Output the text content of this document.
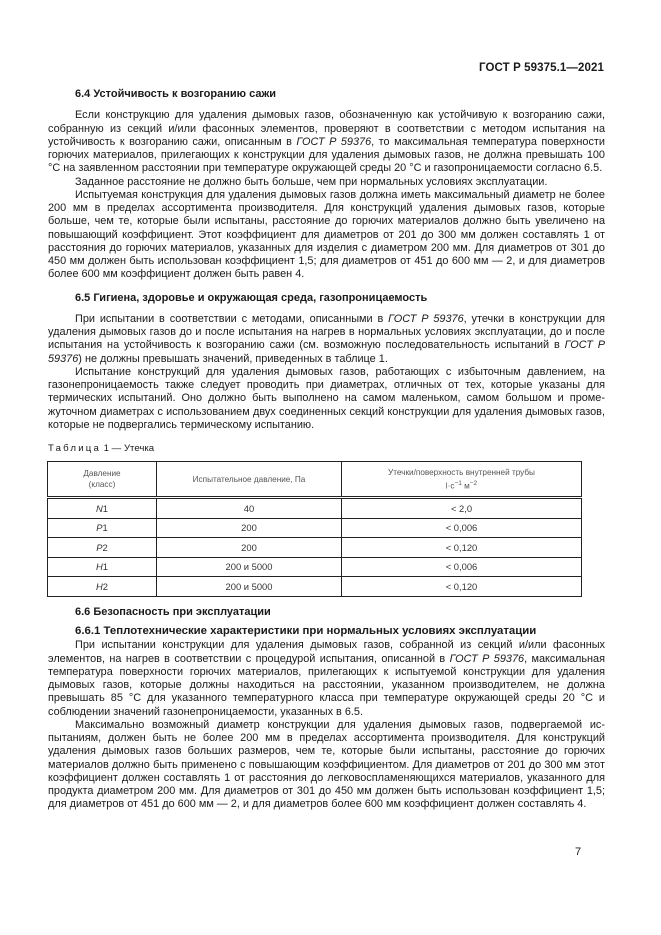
ГОСТ Р 59375.1—2021
6.4 Устойчивость к возгоранию сажи

Если конструкцию для удаления дымовых газов, обозначенную как устойчивую к возгоранию сажи, собранную из секций и/или фасонных элементов, проверяют в соответствии с методом испытания на устойчивость к возгоранию сажи, описанным в ГОСТ Р 59376, то максимальная температура поверхности горючих материалов, прилегающих к конструкции для удаления дымовых газов, не должна превышать 100 °С на заявленном расстоянии при температуре окружающей среды 20 °С и газопроницаемости согласно 6.5.

Заданное расстояние не должно быть больше, чем при нормальных условиях эксплуатации.

Испытуемая конструкция для удаления дымовых газов должна иметь максимальный диаметр не более 200 мм в пределах ассортимента производителя. Для конструкций удаления дымовых газов, которые больше, чем те, которые были испытаны, расстояние до горючих материалов должно быть увеличено на повышающий коэффициент. Этот коэффициент для диаметров от 201 до 300 мм должен составлять 1 от расстояния до горючих материалов, указанных для изделия с диаметром 200 мм. Для диаметров от 301 до 450 мм должен быть использован коэффициент 1,5; для диаметров от 451 до 600 мм — 2, и для диаметров более 600 мм коэффициент должен быть равен 4.

6.5 Гигиена, здоровье и окружающая среда, газопроницаемость

При испытании в соответствии с методами, описанными в ГОСТ Р 59376, утечки в конструкции для удаления дымовых газов до и после испытания на нагрев в нормальных условиях эксплуатации, до и после испытания на устойчивость к возгоранию сажи (см. возможную последовательность испытаний в ГОСТ Р 59376) не должны превышать значений, приведенных в таблице 1.

Испытание конструкций для удаления дымовых газов, работающих с избыточным давлением, на газонепроницаемость также следует проводить при диаметрах, отличных от тех, которые указаны для термических испытаний. Оно должно быть выполнено на самом маленьком, самом большом и промежуточном диаметрах с использованием двух соединенных секций конструкции для удаления дымовых газов, которые не подвергались термическому испытанию.

Таблица 1 — Утечка
Давление
(класс)	Испытательное давление, Па	Утечки/поверхность внутренней трубы
$l\cdot c^{-1}$ $м^{-2}$
N1	40	< 2,0
P1	200	< 0,006
P2	200	< 0,120
H1	200 и 5000	< 0,006
H2	200 и 5000	< 0,120
6.6 Безопасность при эксплуатации
6.6.1 Теплотехнические характеристики при нормальных условиях эксплуатации

При испытании конструкции для удаления дымовых газов, собранной из секций и/или фасонных элементов, на нагрев в соответствии с процедурой испытания, описанной в ГОСТ Р 59376, максимальная температура поверхности горючих материалов, прилегающих к испытуемой конструкции для удаления дымовых газов, которые должны находиться на расстоянии, указанном производителем, не должна превышать 85 °С для указанного температурного класса при температуре окружающей среды 20 °С и соблюдении значений газонепроницаемости, указанных в 6.5.

Максимально возможный диаметр конструкции для удаления дымовых газов, подвергаемой испытаниям, должен быть не более 200 мм в пределах ассортимента производителя. Для конструкций удаления дымовых газов больших размеров, чем те, которые были испытаны, расстояние до горючих материалов должно быть применено с повышающим коэффициентом. Для диаметров от 201 до 300 мм этот коэффициент должен составлять 1 от расстояния до легковоспламеняющихся материалов, указанного для продукта диаметром 200 мм. Для диаметров от 301 до 450 мм должен быть использован коэффициент 1,5; для диаметров от 451 до 600 мм — 2, и для диаметров более 600 мм коэффициент должен составлять 4.

7
